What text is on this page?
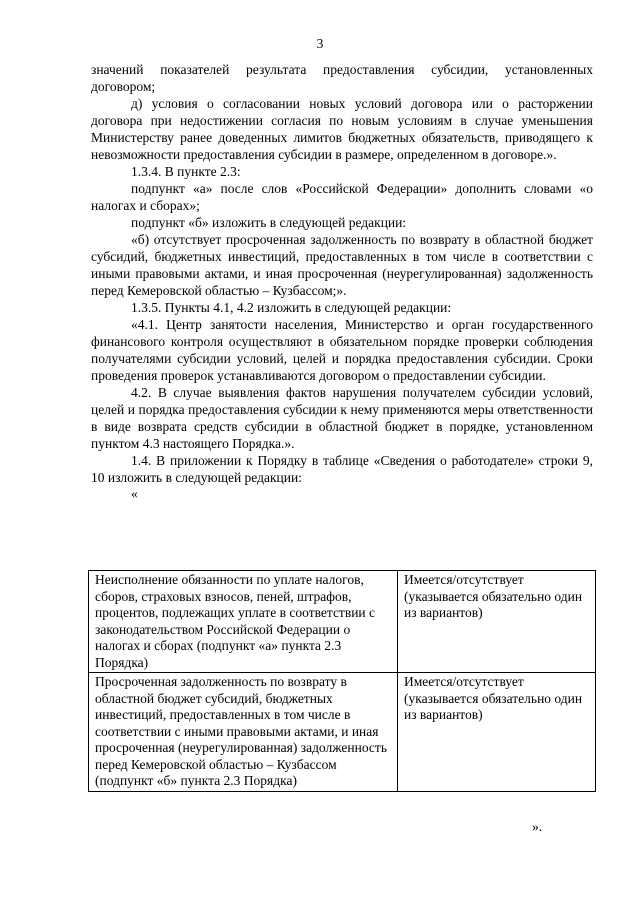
3

значений показателей результата предоставления субсидии, установленных договором;

д) условия о согласовании новых условий договора или о расторжении договора при недостижении согласия по новым условиям в случае уменьшения Министерству ранее доведенных лимитов бюджетных обязательств, приводящего к невозможности предоставления субсидии в размере, определенном в договоре.».

1.3.4. В пункте 2.3:

подпункт «а» после слов «Российской Федерации» дополнить словами «о налогах и сборах»;

подпункт «б» изложить в следующей редакции:

«б) отсутствует просроченная задолженность по возврату в областной бюджет субсидий, бюджетных инвестиций, предоставленных в том числе в соответствии с иными правовыми актами, и иная просроченная (неурегулированная) задолженность перед Кемеровской областью – Кузбассом;».

1.3.5. Пункты 4.1, 4.2 изложить в следующей редакции:

«4.1. Центр занятости населения, Министерство и орган государственного финансового контроля осуществляют в обязательном порядке проверки соблюдения получателями субсидии условий, целей и порядка предоставления субсидии. Сроки проведения проверок устанавливаются договором о предоставлении субсидии.

4.2. В случае выявления фактов нарушения получателем субсидии условий, целей и порядка предоставления субсидии к нему применяются меры ответственности в виде возврата средств субсидии в областной бюджет в порядке, установленном пунктом 4.3 настоящего Порядка.».

1.4. В приложении к Порядку в таблице «Сведения о работодателе» строки 9, 10 изложить в следующей редакции:

«

Неисполнение обязанности по уплате налогов, сборов, страховых взносов, пеней, штрафов, процентов, подлежащих уплате в соответствии с законодательством Российской Федерации о налогах и сборах (подпункт «а» пункта 2.3 Порядка)	Имеется/отсутствует (указывается обязательно один из вариантов)
Просроченная задолженность по возврату в областной бюджет субсидий, бюджетных инвестиций, предоставленных в том числе в соответствии с иными правовыми актами, и иная просроченная (неурегулированная) задолженность перед Кемеровской областью – Кузбассом (подпункт «б» пункта 2.3 Порядка)	Имеется/отсутствует (указывается обязательно один из вариантов)
».
